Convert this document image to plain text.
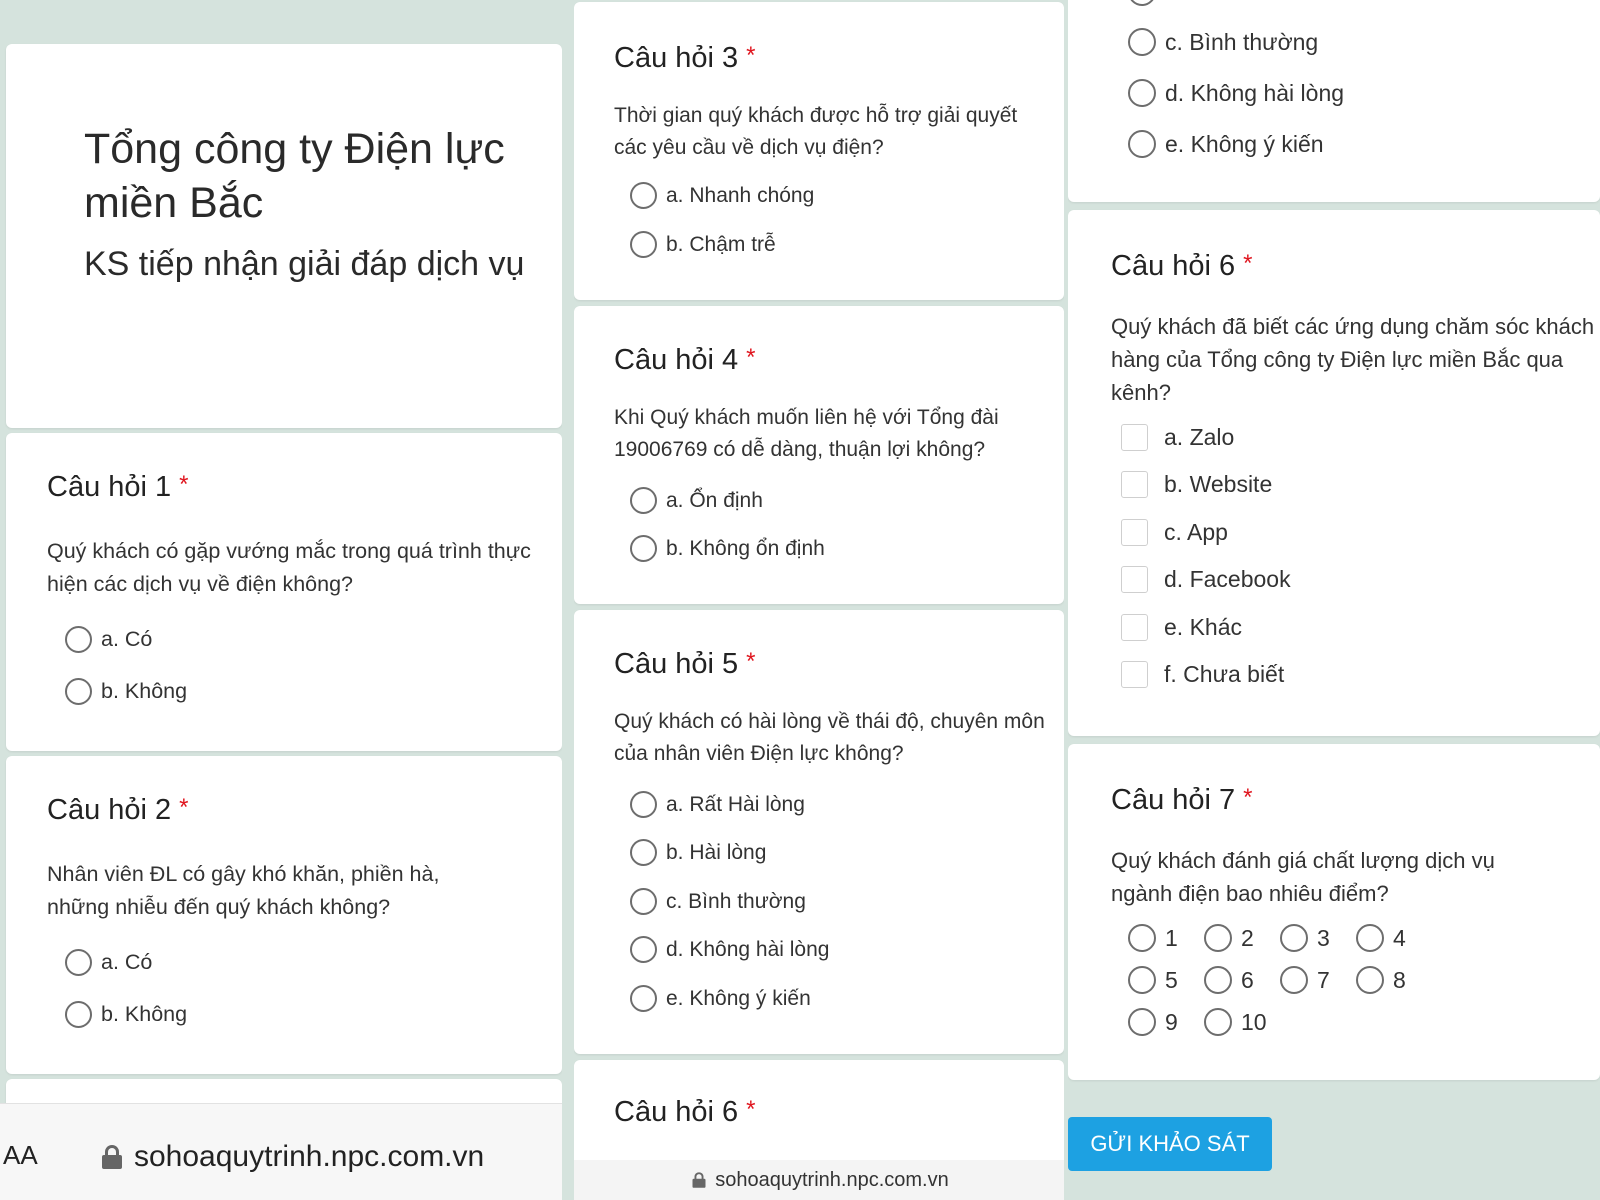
Tổng công ty Điện lực miền Bắc
KS tiếp nhận giải đáp dịch vụ
Câu hỏi 1 *
Quý khách có gặp vướng mắc trong quá trình thực hiện các dịch vụ về điện không?
a. Có
b. Không
Câu hỏi 2 *
Nhân viên ĐL có gây khó khăn, phiền hà, những nhiễu đến quý khách không?
a. Có
b. Không
AA	sohoaquytrinh.npc.com.vn
Câu hỏi 3 *
Thời gian quý khách được hỗ trợ giải quyết các yêu cầu về dịch vụ điện?
a. Nhanh chóng
b. Chậm trễ
Câu hỏi 4 *
Khi Quý khách muốn liên hệ với Tổng đài 19006769 có dễ dàng, thuận lợi không?
a. Ổn định
b. Không ổn định
Câu hỏi 5 *
Quý khách có hài lòng về thái độ, chuyên môn của nhân viên Điện lực không?
a. Rất Hài lòng
b. Hài lòng
c. Bình thường
d. Không hài lòng
e. Không ý kiến
Câu hỏi 6 *
sohoaquytrinh.npc.com.vn
c. Bình thường
d. Không hài lòng
e. Không ý kiến
Câu hỏi 6 *
Quý khách đã biết các ứng dụng chăm sóc khách hàng của Tổng công ty Điện lực miền Bắc qua kênh?
a. Zalo
b. Website
c. App
d. Facebook
e. Khác
f. Chưa biết
Câu hỏi 7 *
Quý khách đánh giá chất lượng dịch vụ ngành điện bao nhiêu điểm?
1	2	3	4
5	6	7	8
9	10
GỬI KHẢO SÁT
